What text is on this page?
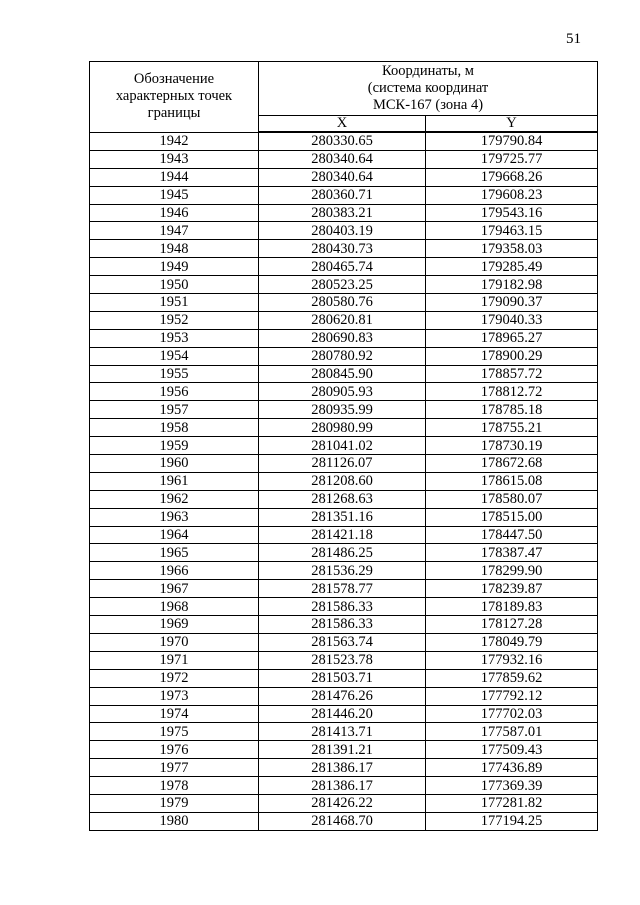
51
Обозначение характерных точек границы	Координаты, м
(система координат
МСК-167 (зона 4)	

	X	Y
1942	280330.65	179790.84
1943	280340.64	179725.77
1944	280340.64	179668.26
1945	280360.71	179608.23
1946	280383.21	179543.16
1947	280403.19	179463.15
1948	280430.73	179358.03
1949	280465.74	179285.49
1950	280523.25	179182.98
1951	280580.76	179090.37
1952	280620.81	179040.33
1953	280690.83	178965.27
1954	280780.92	178900.29
1955	280845.90	178857.72
1956	280905.93	178812.72
1957	280935.99	178785.18
1958	280980.99	178755.21
1959	281041.02	178730.19
1960	281126.07	178672.68
1961	281208.60	178615.08
1962	281268.63	178580.07
1963	281351.16	178515.00
1964	281421.18	178447.50
1965	281486.25	178387.47
1966	281536.29	178299.90
1967	281578.77	178239.87
1968	281586.33	178189.83
1969	281586.33	178127.28
1970	281563.74	178049.79
1971	281523.78	177932.16
1972	281503.71	177859.62
1973	281476.26	177792.12
1974	281446.20	177702.03
1975	281413.71	177587.01
1976	281391.21	177509.43
1977	281386.17	177436.89
1978	281386.17	177369.39
1979	281426.22	177281.82
1980	281468.70	177194.25
